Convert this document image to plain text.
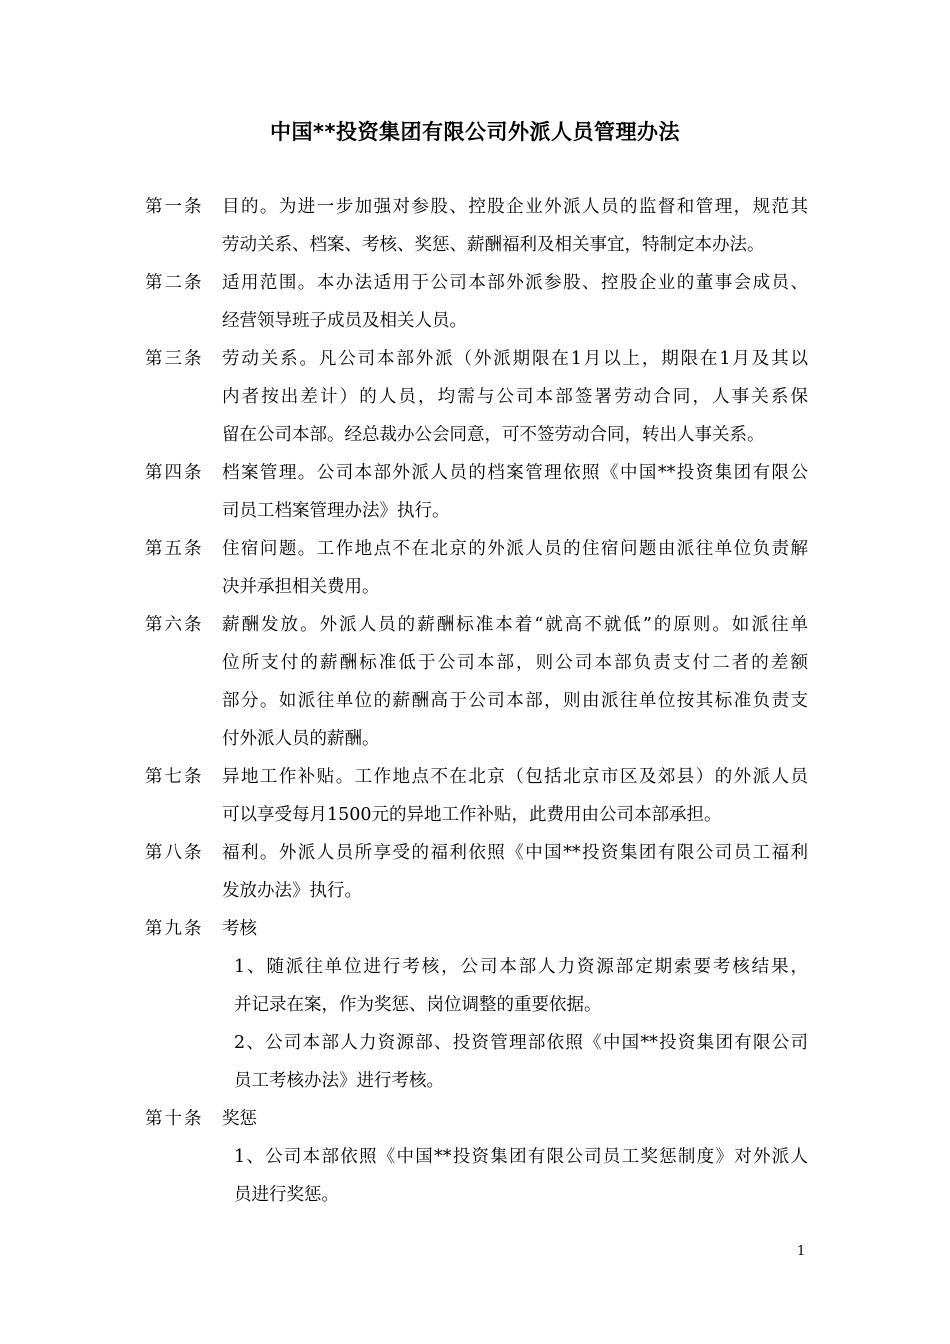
中国**投资集团有限公司外派人员管理办法
第一条 目的。为进一步加强对参股、控股企业外派人员的监督和管理，规范其
劳动关系、档案、考核、奖惩、薪酬福利及相关事宜，特制定本办法。
第二条 适用范围。本办法适用于公司本部外派参股、控股企业的董事会成员、
经营领导班子成员及相关人员。
第三条 劳动关系。凡公司本部外派（外派期限在1月以上，期限在1月及其以
内者按出差计）的人员，均需与公司本部签署劳动合同，人事关系保
留在公司本部。经总裁办公会同意，可不签劳动合同，转出人事关系。
第四条 档案管理。公司本部外派人员的档案管理依照《中国**投资集团有限公
司员工档案管理办法》执行。
第五条 住宿问题。工作地点不在北京的外派人员的住宿问题由派往单位负责解
决并承担相关费用。
第六条 薪酬发放。外派人员的薪酬标准本着“就高不就低”的原则。如派往单
位所支付的薪酬标准低于公司本部，则公司本部负责支付二者的差额
部分。如派往单位的薪酬高于公司本部，则由派往单位按其标准负责支
付外派人员的薪酬。
第七条 异地工作补贴。工作地点不在北京（包括北京市区及郊县）的外派人员
可以享受每月1500元的异地工作补贴，此费用由公司本部承担。
第八条 福利。外派人员所享受的福利依照《中国**投资集团有限公司员工福利
发放办法》执行。
第九条 考核
1、随派往单位进行考核，公司本部人力资源部定期索要考核结果，
并记录在案，作为奖惩、岗位调整的重要依据。
2、公司本部人力资源部、投资管理部依照《中国**投资集团有限公司
员工考核办法》进行考核。
第十条 奖惩
1、公司本部依照《中国**投资集团有限公司员工奖惩制度》对外派人
员进行奖惩。
1
